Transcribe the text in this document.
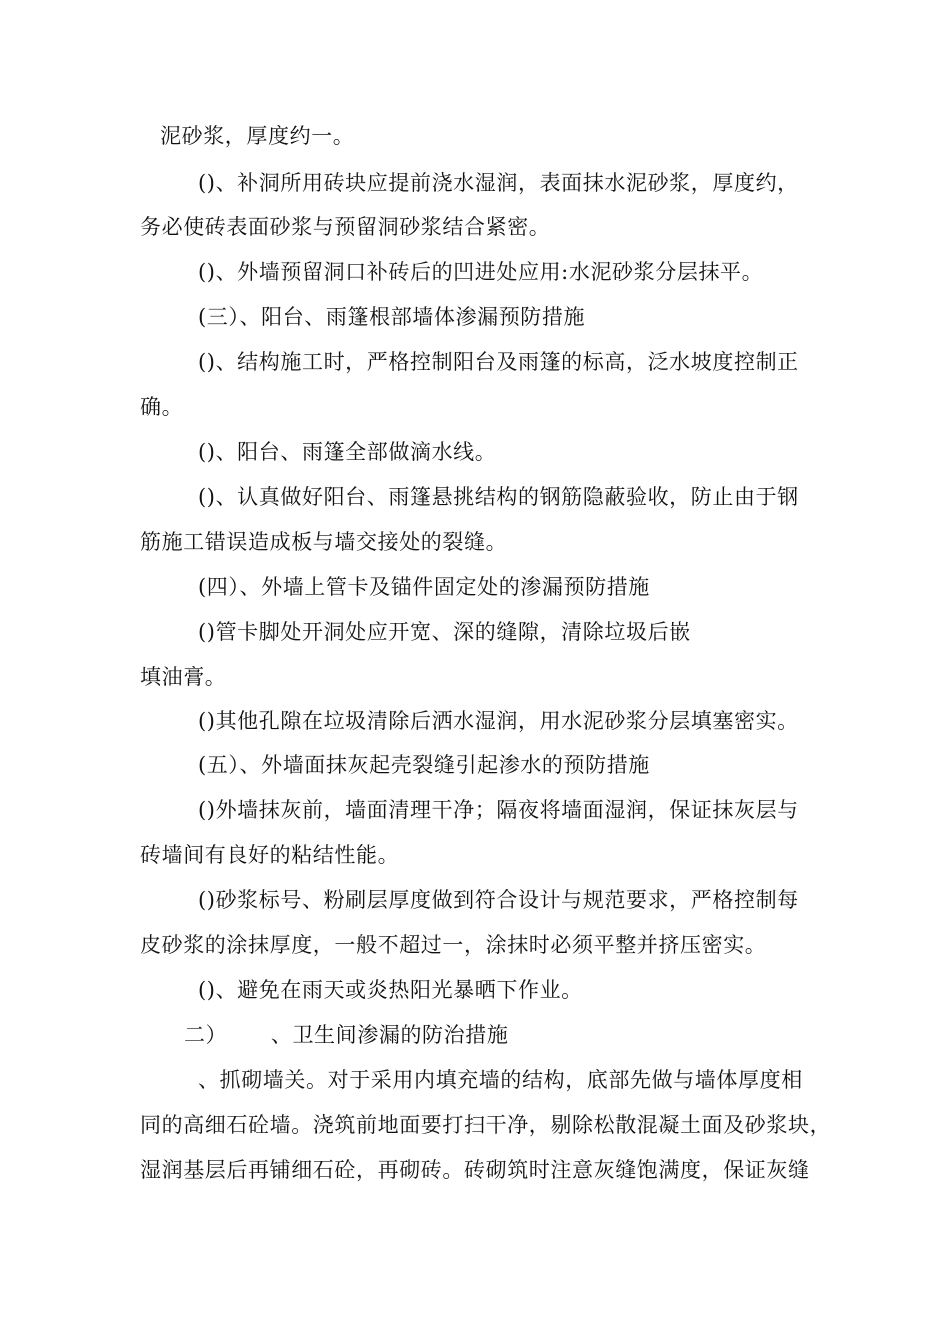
泥砂浆，厚度约一。
()、补洞所用砖块应提前浇水湿润，表面抹水泥砂浆，厚度约，
务必使砖表面砂浆与预留洞砂浆结合紧密。
()、外墙预留洞口补砖后的凹进处应用:水泥砂浆分层抹平。
(三）、阳台、雨篷根部墙体渗漏预防措施
()、结构施工时，严格控制阳台及雨篷的标高，泛水坡度控制正
确。
()、阳台、雨篷全部做滴水线。
()、认真做好阳台、雨篷悬挑结构的钢筋隐蔽验收，防止由于钢
筋施工错误造成板与墙交接处的裂缝。
(四）、外墙上管卡及锚件固定处的渗漏预防措施
()管卡脚处开洞处应开宽、深的缝隙，清除垃圾后嵌
填油膏。
()其他孔隙在垃圾清除后洒水湿润，用水泥砂浆分层填塞密实。
(五）、外墙面抹灰起壳裂缝引起渗水的预防措施
()外墙抹灰前，墙面清理干净；隔夜将墙面湿润，保证抹灰层与
砖墙间有良好的粘结性能。
()砂浆标号、粉刷层厚度做到符合设计与规范要求，严格控制每
皮砂浆的涂抹厚度，一般不超过一，涂抹时必须平整并挤压密实。
()、避免在雨天或炎热阳光暴晒下作业。
二）      、卫生间渗漏的防治措施
、抓砌墙关。对于采用内填充墙的结构，底部先做与墙体厚度相
同的高细石砼墙。浇筑前地面要打扫干净，剔除松散混凝土面及砂浆块，
湿润基层后再铺细石砼，再砌砖。砖砌筑时注意灰缝饱满度，保证灰缝
